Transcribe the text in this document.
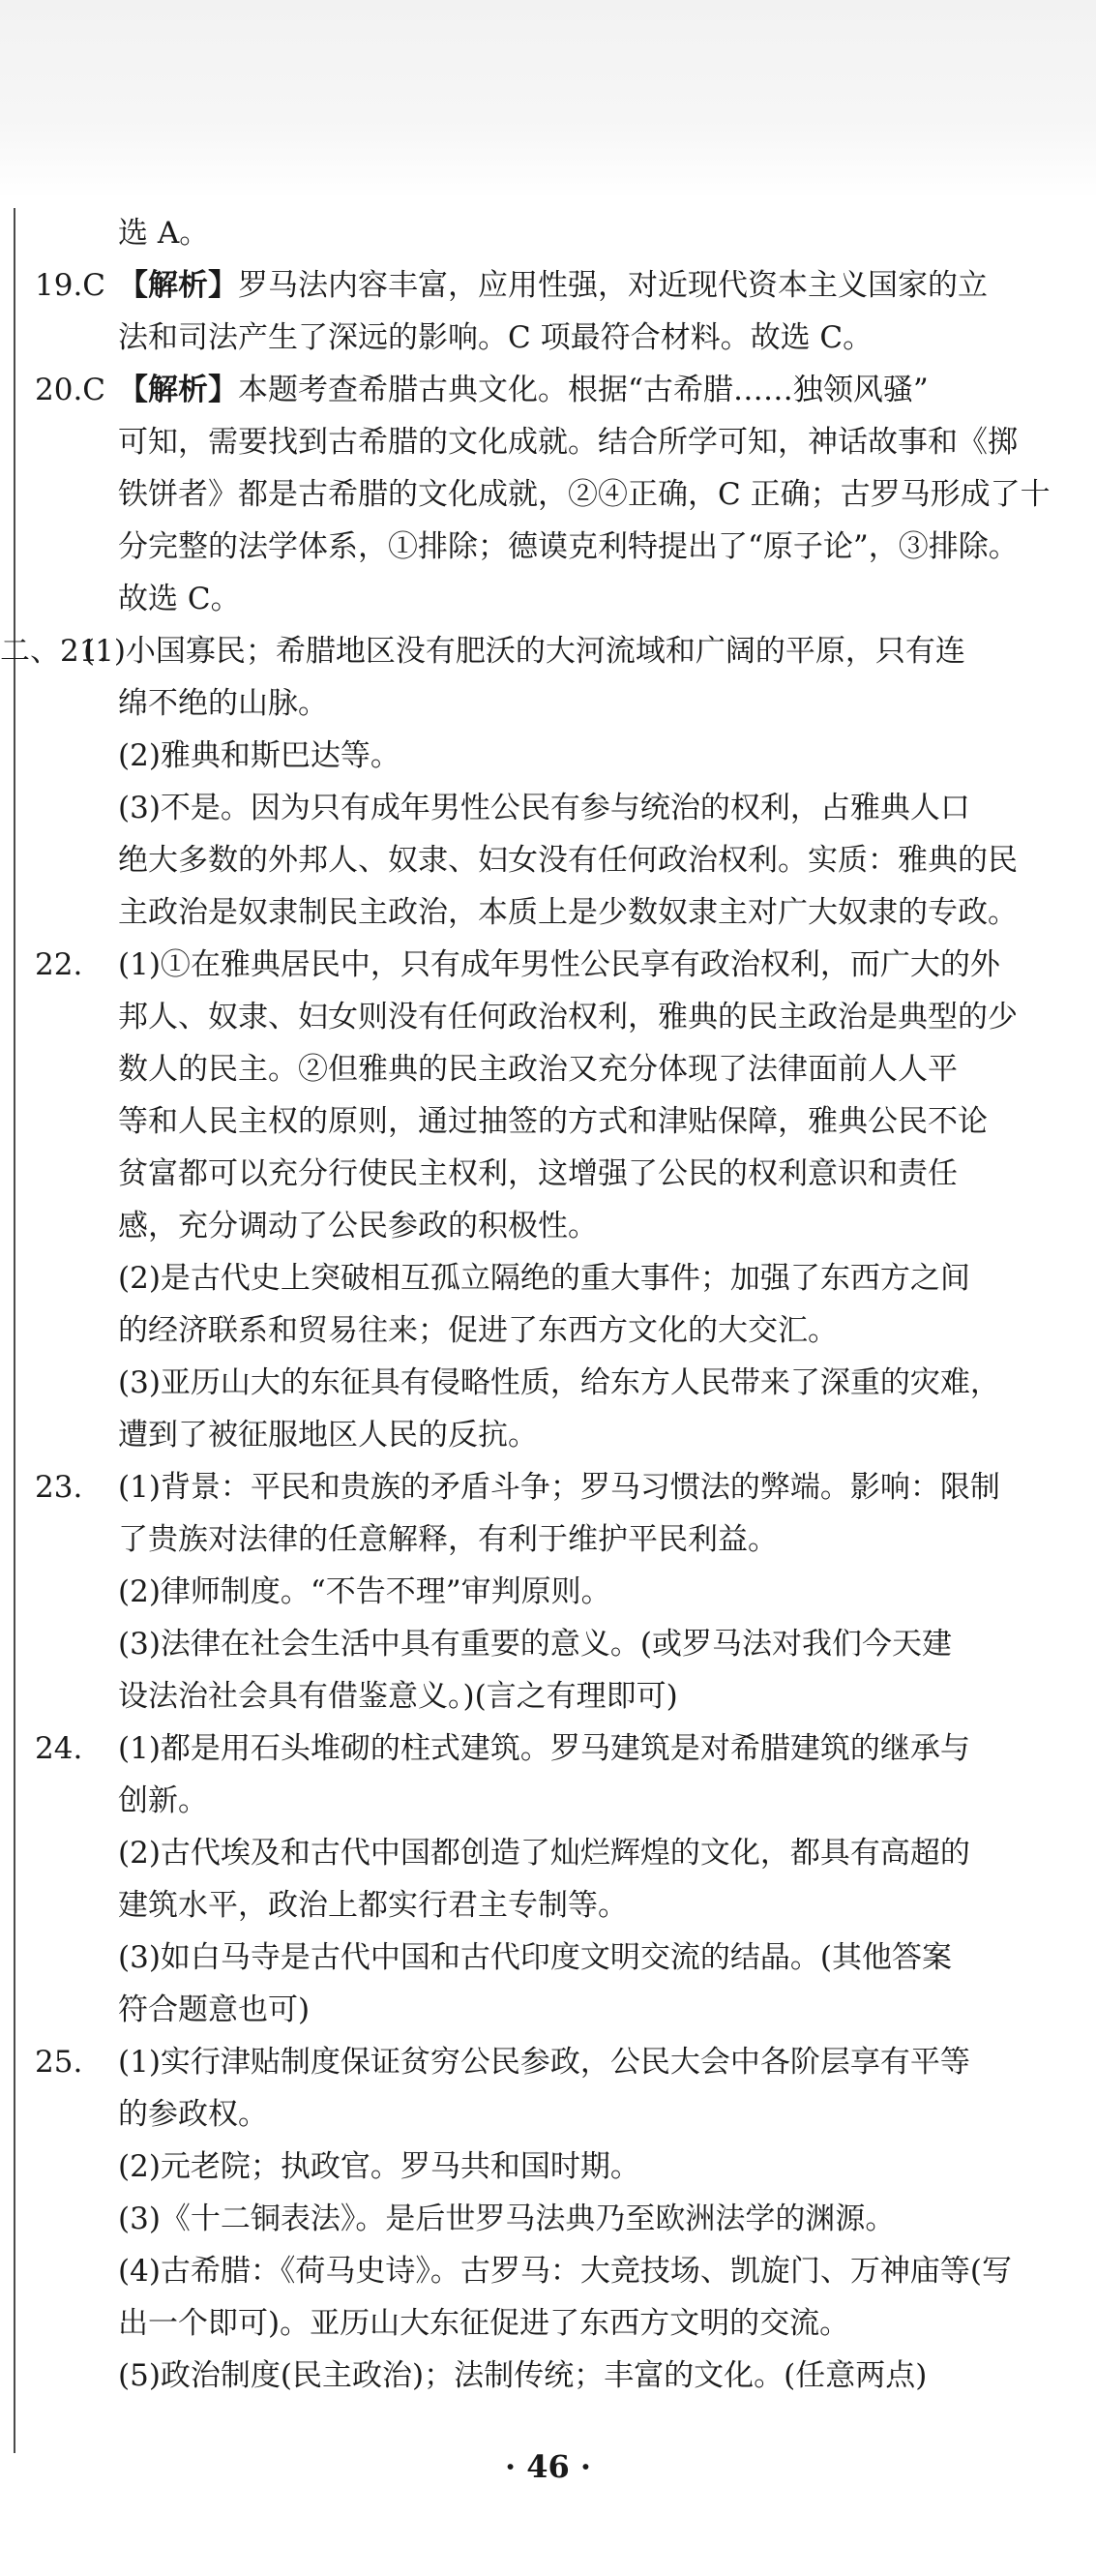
选 A。
19.C 【解析】罗马法内容丰富，应用性强，对近现代资本主义国家的立
法和司法产生了深远的影响。C 项最符合材料。故选 C。
20.C 【解析】本题考查希腊古典文化。根据“古希腊……独领风骚”
可知，需要找到古希腊的文化成就。结合所学可知，神话故事和《掷
铁饼者》都是古希腊的文化成就，②④正确，C 正确；古罗马形成了十
分完整的法学体系，①排除；德谟克利特提出了“原子论”，③排除。
故选 C。
二、21.(1)小国寡民；希腊地区没有肥沃的大河流域和广阔的平原，只有连
绵不绝的山脉。
(2)雅典和斯巴达等。
(3)不是。因为只有成年男性公民有参与统治的权利，占雅典人口
绝大多数的外邦人、奴隶、妇女没有任何政治权利。实质：雅典的民
主政治是奴隶制民主政治，本质上是少数奴隶主对广大奴隶的专政。
22. (1)①在雅典居民中，只有成年男性公民享有政治权利，而广大的外
邦人、奴隶、妇女则没有任何政治权利，雅典的民主政治是典型的少
数人的民主。②但雅典的民主政治又充分体现了法律面前人人平
等和人民主权的原则，通过抽签的方式和津贴保障，雅典公民不论
贫富都可以充分行使民主权利，这增强了公民的权利意识和责任
感，充分调动了公民参政的积极性。
(2)是古代史上突破相互孤立隔绝的重大事件；加强了东西方之间
的经济联系和贸易往来；促进了东西方文化的大交汇。
(3)亚历山大的东征具有侵略性质，给东方人民带来了深重的灾难，
遭到了被征服地区人民的反抗。
23. (1)背景：平民和贵族的矛盾斗争；罗马习惯法的弊端。影响：限制
了贵族对法律的任意解释，有利于维护平民利益。
(2)律师制度。“不告不理”审判原则。
(3)法律在社会生活中具有重要的意义。(或罗马法对我们今天建
设法治社会具有借鉴意义。)(言之有理即可)
24. (1)都是用石头堆砌的柱式建筑。罗马建筑是对希腊建筑的继承与
创新。
(2)古代埃及和古代中国都创造了灿烂辉煌的文化，都具有高超的
建筑水平，政治上都实行君主专制等。
(3)如白马寺是古代中国和古代印度文明交流的结晶。(其他答案
符合题意也可)
25. (1)实行津贴制度保证贫穷公民参政，公民大会中各阶层享有平等
的参政权。
(2)元老院；执政官。罗马共和国时期。
(3)《十二铜表法》。是后世罗马法典乃至欧洲法学的渊源。
(4)古希腊：《荷马史诗》。古罗马：大竞技场、凯旋门、万神庙等(写
出一个即可)。亚历山大东征促进了东西方文明的交流。
(5)政治制度(民主政治)；法制传统；丰富的文化。(任意两点)
· 46 ·
